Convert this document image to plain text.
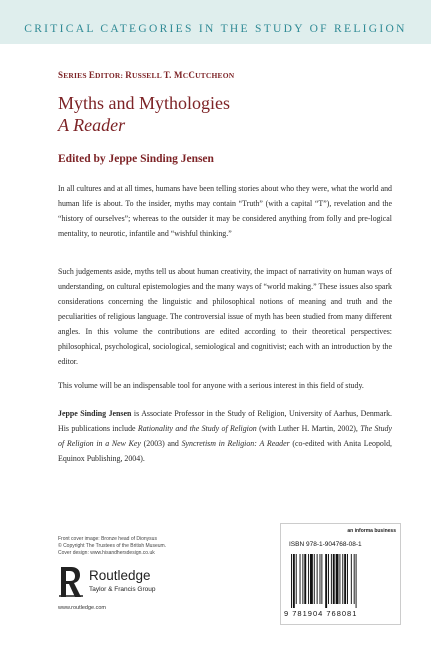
CRITICAL CATEGORIES IN THE STUDY OF RELIGION
SERIES EDITOR: RUSSELL T. MCCUTCHEON
Myths and Mythologies
A Reader
Edited by Jeppe Sinding Jensen
In all cultures and at all times, humans have been telling stories about who they were, what the world and human life is about. To the insider, myths may contain “Truth” (with a capital “T”), revelation and the “history of ourselves”; whereas to the outsider it may be considered anything from folly and pre-logical mentality, to neurotic, infantile and “wishful thinking.”
Such judgements aside, myths tell us about human creativity, the impact of narrativity on human ways of understanding, on cultural epistemologies and the many ways of “world making.” These issues also spark considerations concerning the linguistic and philosophical notions of meaning and truth and the peculiarities of religious language. The controversial issue of myth has been studied from many different angles. In this volume the contributions are edited according to their theoretical perspectives: philosophical, psychological, sociological, semiological and cognitivist; each with an introduction by the editor.
This volume will be an indispensable tool for anyone with a serious interest in this field of study.
Jeppe Sinding Jensen is Associate Professor in the Study of Religion, University of Aarhus, Denmark. His publications include Rationality and the Study of Religion (with Luther H. Martin, 2002), The Study of Religion in a New Key (2003) and Syncretism in Religion: A Reader (co-edited with Anita Leopold, Equinox Publishing, 2004).
Front cover image: Bronze head of Dionysus
© Copyright The Trustees of the British Museum.
Cover design: www.hisandhersdesign.co.uk
Routledge
Taylor & Francis Group
www.routledge.com
an informa business
ISBN 978-1-904768-08-1
9 781904 768081
